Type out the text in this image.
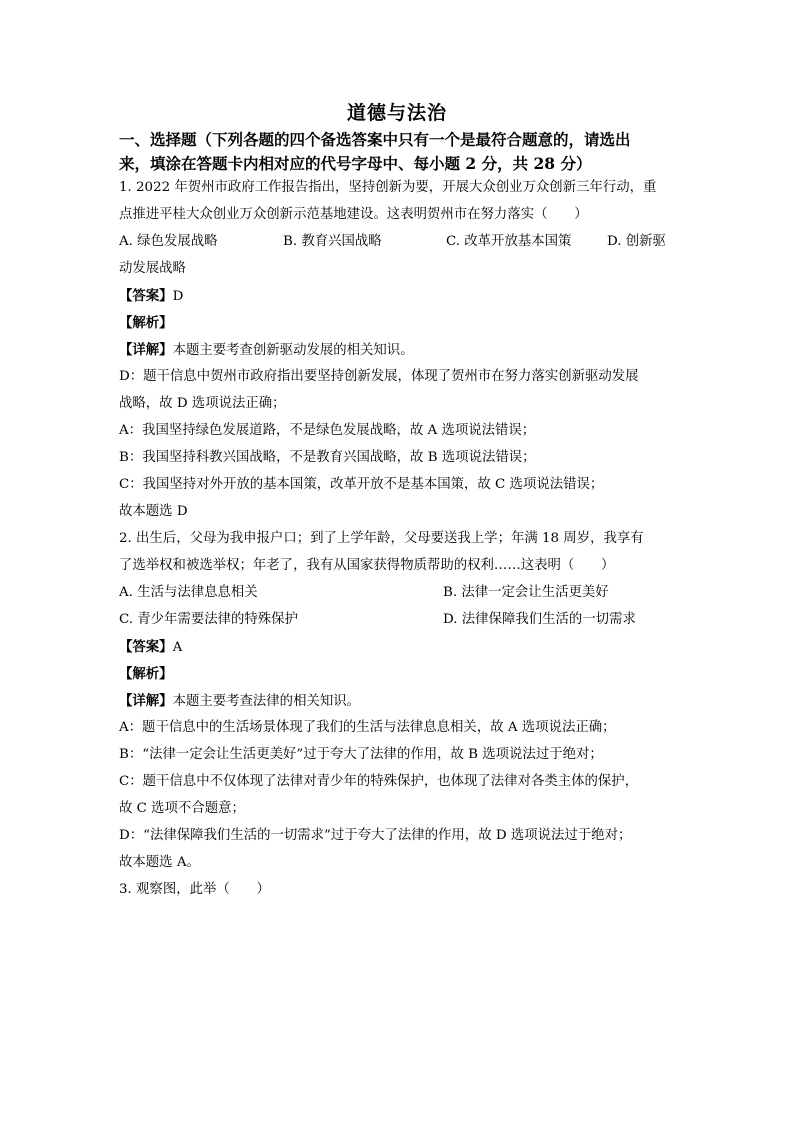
道德与法治
一、选择题（下列各题的四个备选答案中只有一个是最符合题意的，请选出
来，填涂在答题卡内相对应的代号字母中、每小题 2 分，共 28 分）
1. 2022 年贺州市政府工作报告指出，坚持创新为要，开展大众创业万众创新三年行动，重
点推进平桂大众创业万众创新示范基地建设。这表明贺州市在努力落实（　　）
A. 绿色发展战略	B. 教育兴国战略	C. 改革开放基本国策	D. 创新驱
动发展战略
【答案】D
【解析】
【详解】本题主要考查创新驱动发展的相关知识。
D：题干信息中贺州市政府指出要坚持创新发展，体现了贺州市在努力落实创新驱动发展
战略，故 D 选项说法正确；
A：我国坚持绿色发展道路，不是绿色发展战略，故 A 选项说法错误；
B：我国坚持科教兴国战略，不是教育兴国战略，故 B 选项说法错误；
C：我国坚持对外开放的基本国策，改革开放不是基本国策，故 C 选项说法错误；
故本题选 D
2. 出生后，父母为我申报户口；到了上学年龄，父母要送我上学；年满 18 周岁，我享有
了选举权和被选举权；年老了，我有从国家获得物质帮助的权利……这表明（　　）
A. 生活与法律息息相关	B. 法律一定会让生活更美好
C. 青少年需要法律的特殊保护	D. 法律保障我们生活的一切需求
【答案】A
【解析】
【详解】本题主要考查法律的相关知识。
A：题干信息中的生活场景体现了我们的生活与法律息息相关，故 A 选项说法正确；
B：“法律一定会让生活更美好”过于夸大了法律的作用，故 B 选项说法过于绝对；
C：题干信息中不仅体现了法律对青少年的特殊保护，也体现了法律对各类主体的保护，
故 C 选项不合题意；
D：“法律保障我们生活的一切需求”过于夸大了法律的作用，故 D 选项说法过于绝对；
故本题选 A。
3. 观察图，此举（　　）
